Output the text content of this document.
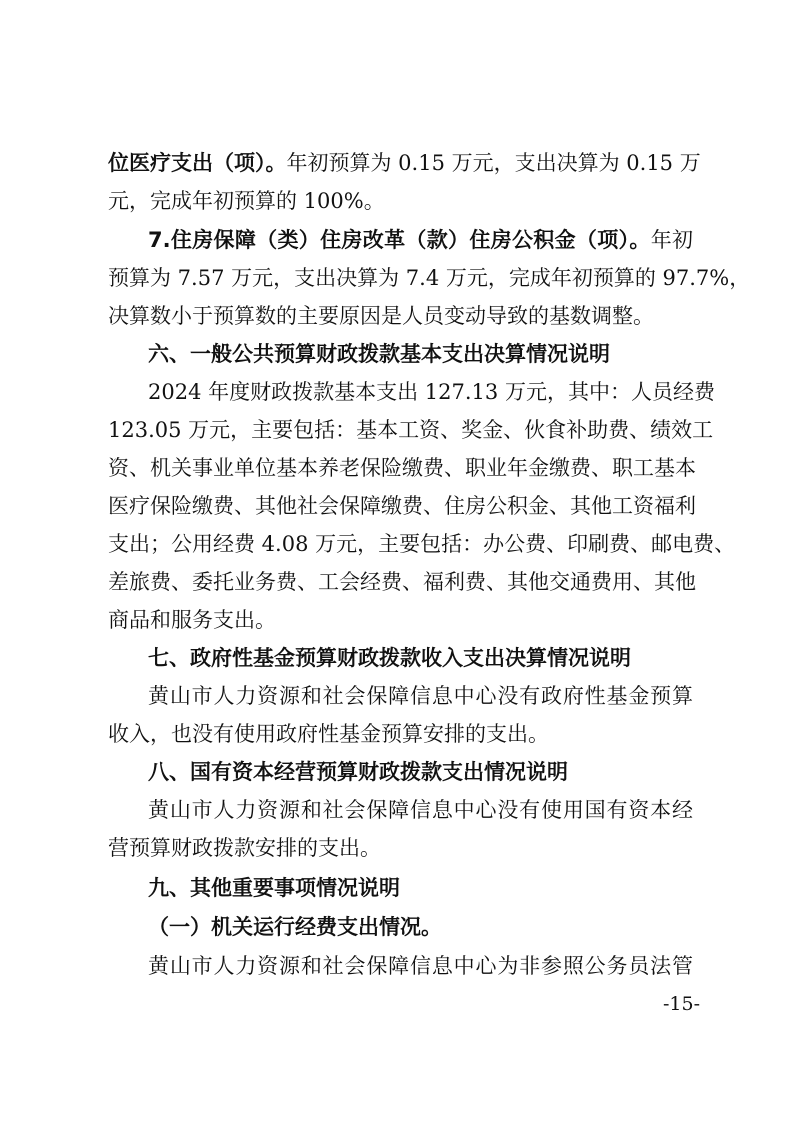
位医疗支出（项）。年初预算为 0.15 万元，支出决算为 0.15 万
元，完成年初预算的 100%。
7.住房保障（类）住房改革（款）住房公积金（项）。年初
预算为 7.57 万元，支出决算为 7.4 万元，完成年初预算的 97.7%，
决算数小于预算数的主要原因是人员变动导致的基数调整。
六、一般公共预算财政拨款基本支出决算情况说明
2024 年度财政拨款基本支出 127.13 万元，其中：人员经费
123.05 万元，主要包括：基本工资、奖金、伙食补助费、绩效工
资、机关事业单位基本养老保险缴费、职业年金缴费、职工基本
医疗保险缴费、其他社会保障缴费、住房公积金、其他工资福利
支出；公用经费 4.08 万元，主要包括：办公费、印刷费、邮电费、
差旅费、委托业务费、工会经费、福利费、其他交通费用、其他
商品和服务支出。
七、政府性基金预算财政拨款收入支出决算情况说明
黄山市人力资源和社会保障信息中心没有政府性基金预算
收入，也没有使用政府性基金预算安排的支出。
八、国有资本经营预算财政拨款支出情况说明
黄山市人力资源和社会保障信息中心没有使用国有资本经
营预算财政拨款安排的支出。
九、其他重要事项情况说明
（一）机关运行经费支出情况。
黄山市人力资源和社会保障信息中心为非参照公务员法管
-15-
